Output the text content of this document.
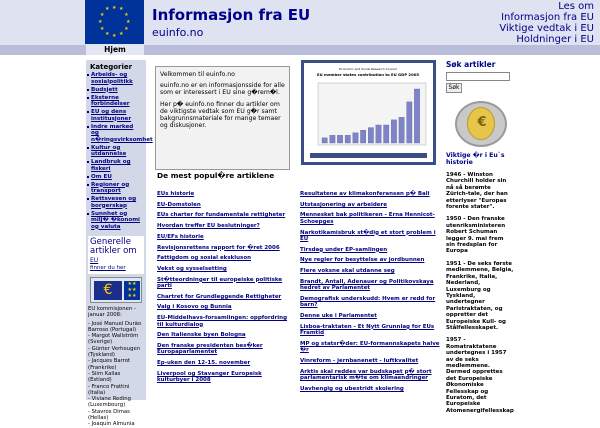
★ ★
★
★
★
★
★
★
★
★
★
★	Informasjon fra EU
euinfo.no
Les om
Informasjon fra EU
Viktige vedtak i EU
Holdninger i EU
Hjem
Kategorier
Arbeids- og sosialpolitikk
Budsjett
Eksterne forbindelser
EU og dens institusjoner
Indre marked og n�ringsvirksomhet
Kultur og utdannelse
Landbruk og fiskeri
Om EU
Regioner og transport
Rettsvesen og borgerskap
Sunnhet og milj� �konomi og valuta
Generelle artikler om EU
finner du her
€	★★
★★
★★
EU kommisjonen - januar 2008:
- José Manuel Durão Barroso (Portugal)
- Margot Wallström (Sverige)
- Günter Verheugen (Tyskland)
- Jacques Barrot (Frankrike)
- Siim Kallas (Estland)
- Franco Frattini (Italia)
- Viviane Reding (Luxembourg)
- Stavros Dimas (Hellas)
- Joaquín Almunia

Velkommen til euinfo.no

euinfo.no er en informasjonsside for alle som er interessert i EU sine g�rem�l.

Her p� euinfo.no finner du artikler om de viktigste vedtak som EU g�r samt bakgrunnsmateriale for mange temaer og diskusjoner.

Economic and Social Research Council
EU member states contribution to EU GDP 2005
De mest popul�re artiklene
EUs historie
EU-Domstolen
EUs charter for fundamentale rettigheter
Hvordan treffer EU beslutninger?
EU/EFs historie
Revisjonsrettens rapport for �ret 2006
Fattigdom og sosial ekskluson
Vekst og sysselsetting
St�tteordninger til europeiske politiske parti
Chartret for Grundleggende Rettigheter
Valg i Kosovo og Bunnia
EU-Middelhavs-forsamlingen: oppfordring til kulturdialog
Den Italienske byen Bologna
Den franske presidenten bes�ker Europaparlamentet
Ep-uken den 12-15. november
Liverpool og Stavanger Europeisk kulturbyer i 2008
Resultatene av klimakonferansen p� Bali
Utstasjonering av arbeidere
Mennesket bak politikeren - Erna Hennicot-Schoepges
Narkotikamisbruk st�dig et stort problem i EU
Tirsdag under EP-samlingen
Nye regler for besyttelse av jordbunnen
Flere voksne skal utdanne seg
Brandt, Antall, Adenauer og Politikovskaya hedret av Parlamentet
Demografisk underskudd: Hvem er redd for barn?
Denne uke i Parlamentet
Lisboa-traktaten - Et Nytt Grunnlag for EUs Framtid
MP og statsr�der: EU-formannskapets halve �r
Vinreform - jernbanenett - luftkvalitet
Arktis skal reddes var budskapet p� stort parlamentarisk m�te om klimaendringer
Uavhengig og ubestridt skolering
Søk artikler
Søk
€
Viktige �r i Eu`s historie
1946 - Winston Churchill holder sin nå så berømte Zürich-tale, der han etterlyser "Europas forente stater".
1950 - Den franske utenriksministeren Robert Schuman legger 9. mai frem sin fredsplan for Europa
1951 - De seks første medlemmene, Belgia, Frankrike, Italia, Nederland, Luxemburg og Tyskland, undertegner Paristraktaten, og oppretter det Europeiske Kull- og Stålfellesskapet.
1957 - Romatraktatene undertegnes i 1957 av de seks medlemmene. Dermed opprettes det Europeiske Økonomiske Fellesskap og Euratom, det Europeiske Atomenergifellesskap
